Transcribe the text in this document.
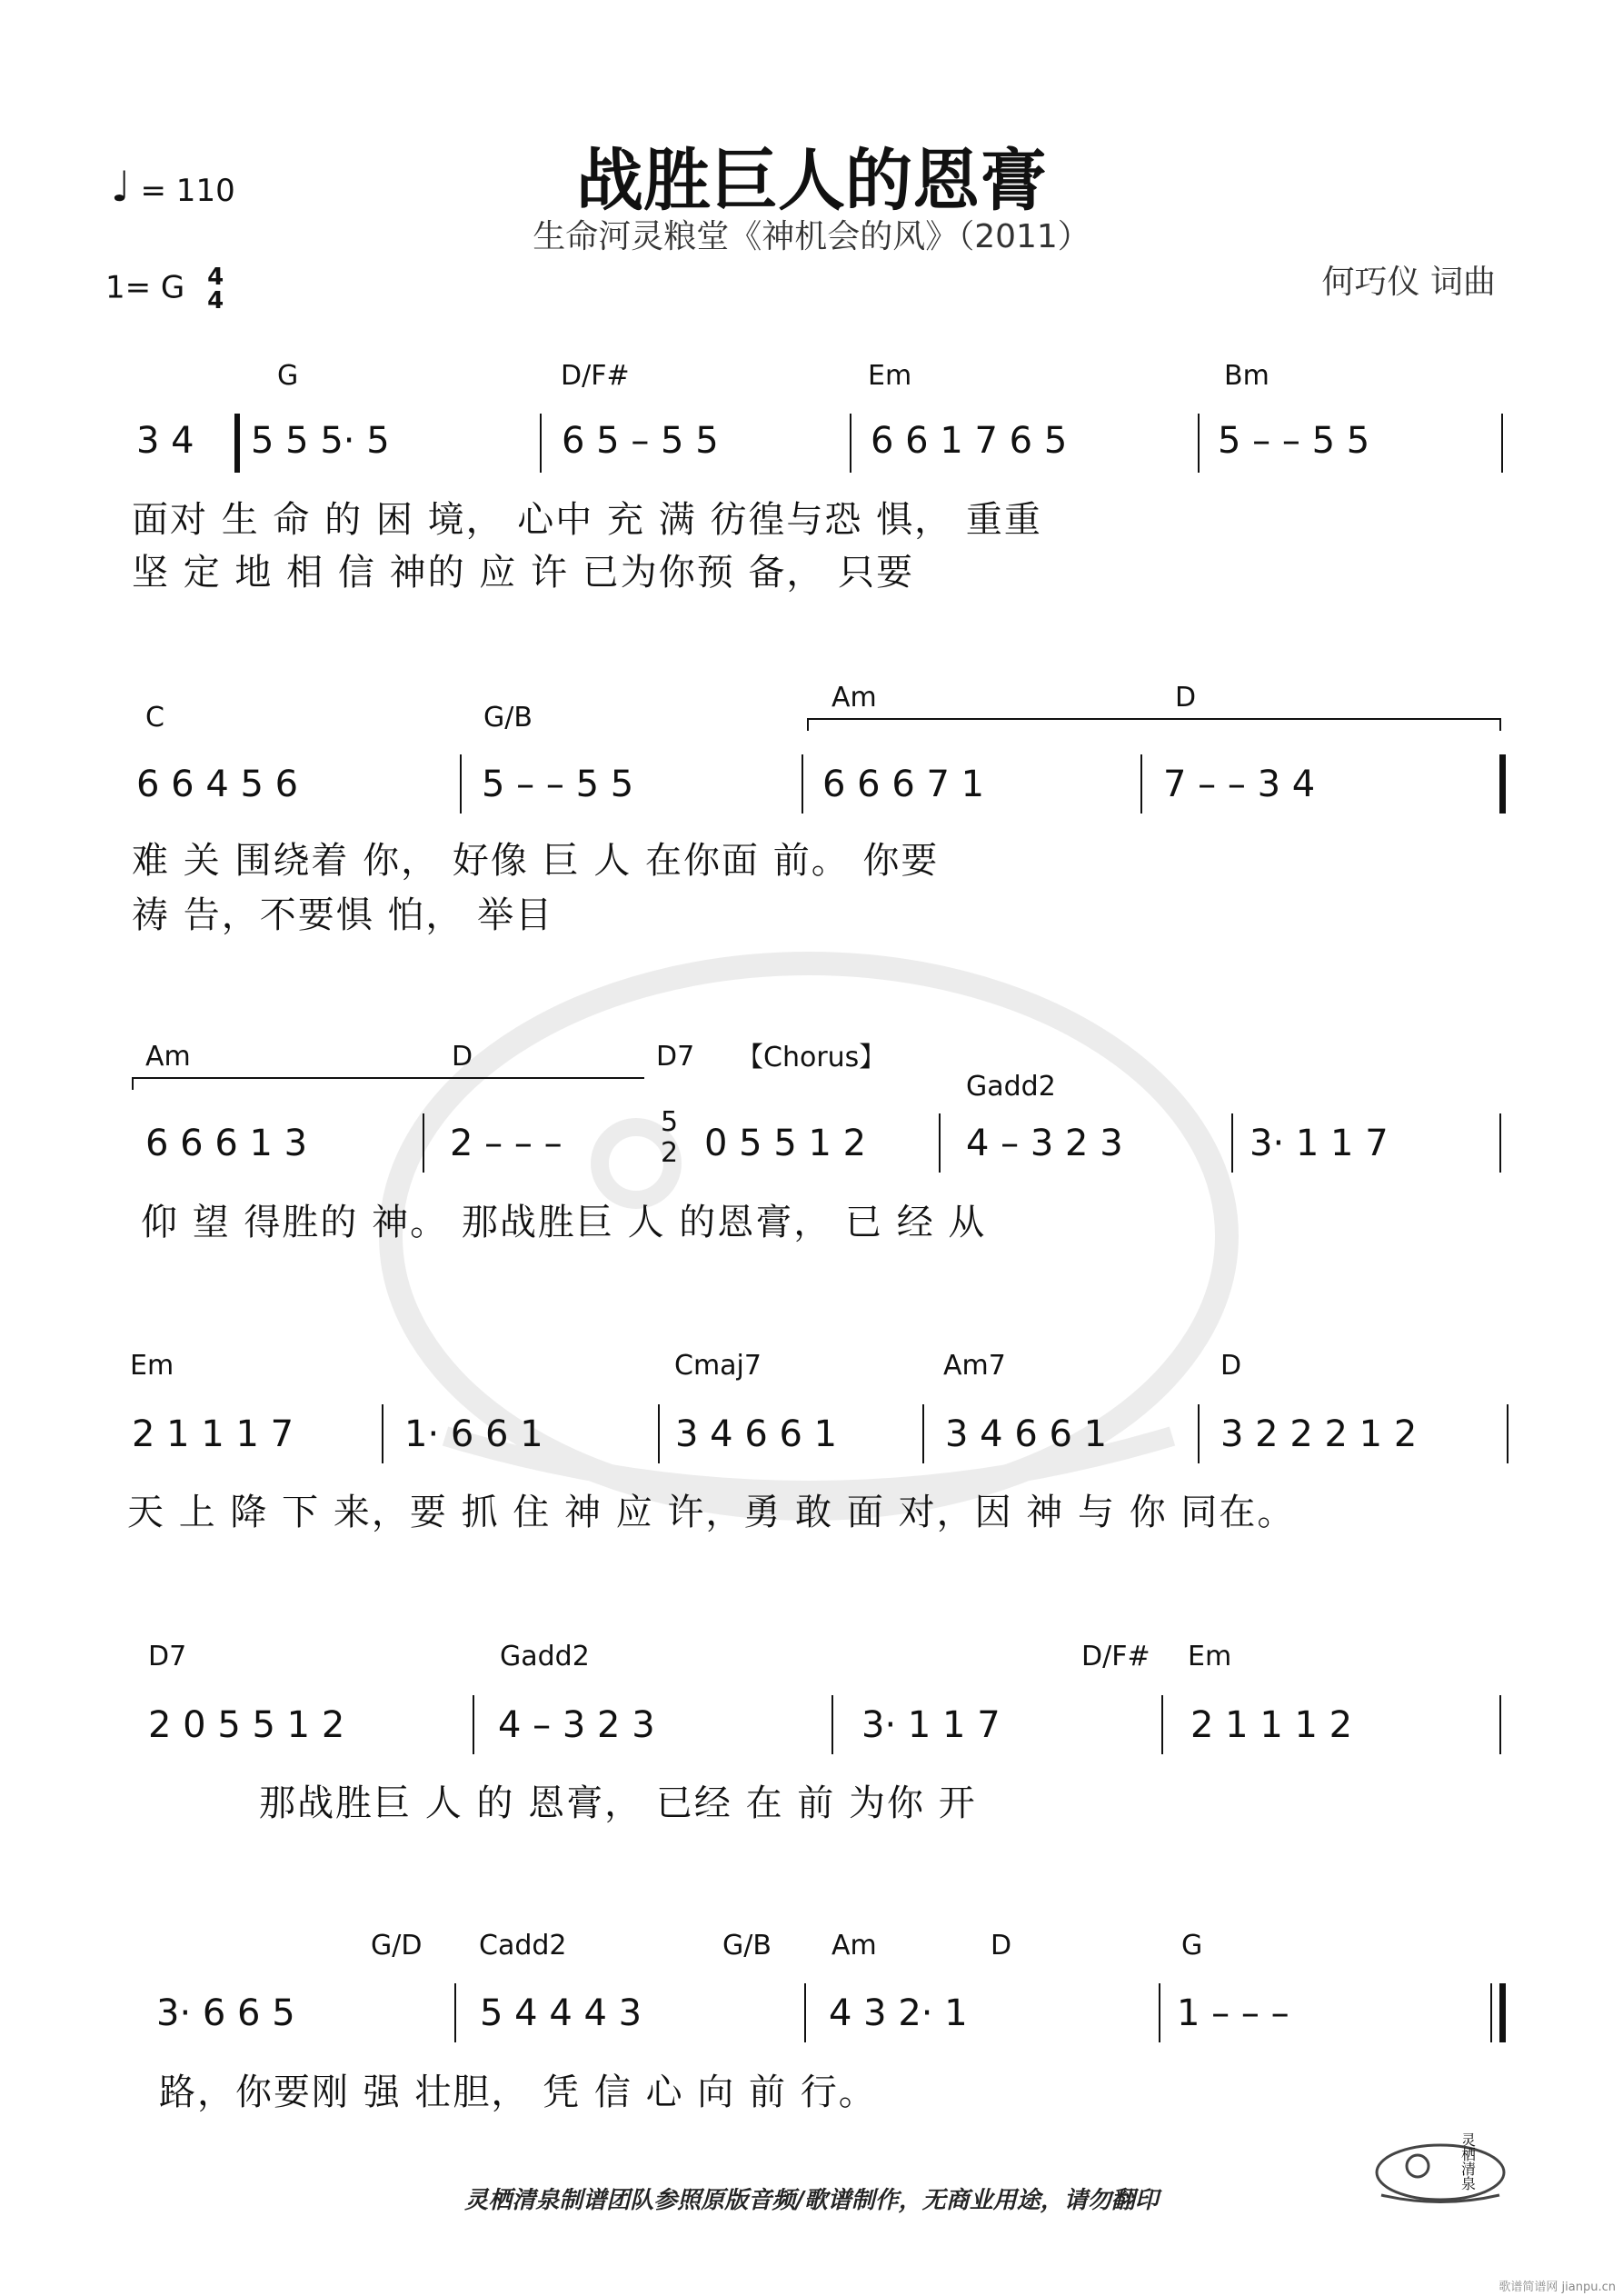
战胜巨人的恩膏
生命河灵粮堂《神机会的风》（2011）
♩ = 110
1= G 4
4	何巧仪 词曲
G	D/F#	Em	Bm
3 4 5 5 5· 5	6 5 – 5 5	6 6 1 7 6 5	5 – – 5 5
面对 生 命 的 困 境， 心中 充 满 彷徨与恐 惧， 重重
坚 定 地 相 信 神的 应 许 已为你预 备， 只要
C	G/B
Am	D
6 6 4 5 6	5 – – 5 5	6 6 6 7 1	7 – – 3 4
难 关 围绕着 你， 好像 巨 人 在你面 前。 你要
祷 告，不要惧 怕， 举目
Am	D	D7
Gadd2
【Chorus】
6 6 6 1 3	2 – – –
5
2 0 5 5 1 2	4 – 3 2 3	3· 1 1 7
仰 望 得胜的 神。 那战胜巨 人 的恩膏， 已 经 从
Em	Cmaj7	Am7	D
2 1 1 1 7	1· 6 6 1	3 4 6 6 1	3 4 6 6 1	3 2 2 2 1 2
天 上 降 下 来，要 抓 住 神 应 许，勇 敢 面 对，因 神 与 你 同在。
D7	Gadd2	D/F# Em
2 0 5 5 1 2	4 – 3 2 3	3· 1 1 7	2 1 1 1 2
那战胜巨 人 的 恩膏， 已经 在 前 为你 开
G/D Cadd2	G/B Am	D	G
3· 6 6 5	5 4 4 4 3	4 3 2· 1	1 – – –
路，你要刚 强 壮胆， 凭 信 心 向 前 行。
灵栖清泉
灵栖清泉制谱团队参照原版音频/歌谱制作，无商业用途，请勿翻印
歌谱简谱网 jianpu.cn
